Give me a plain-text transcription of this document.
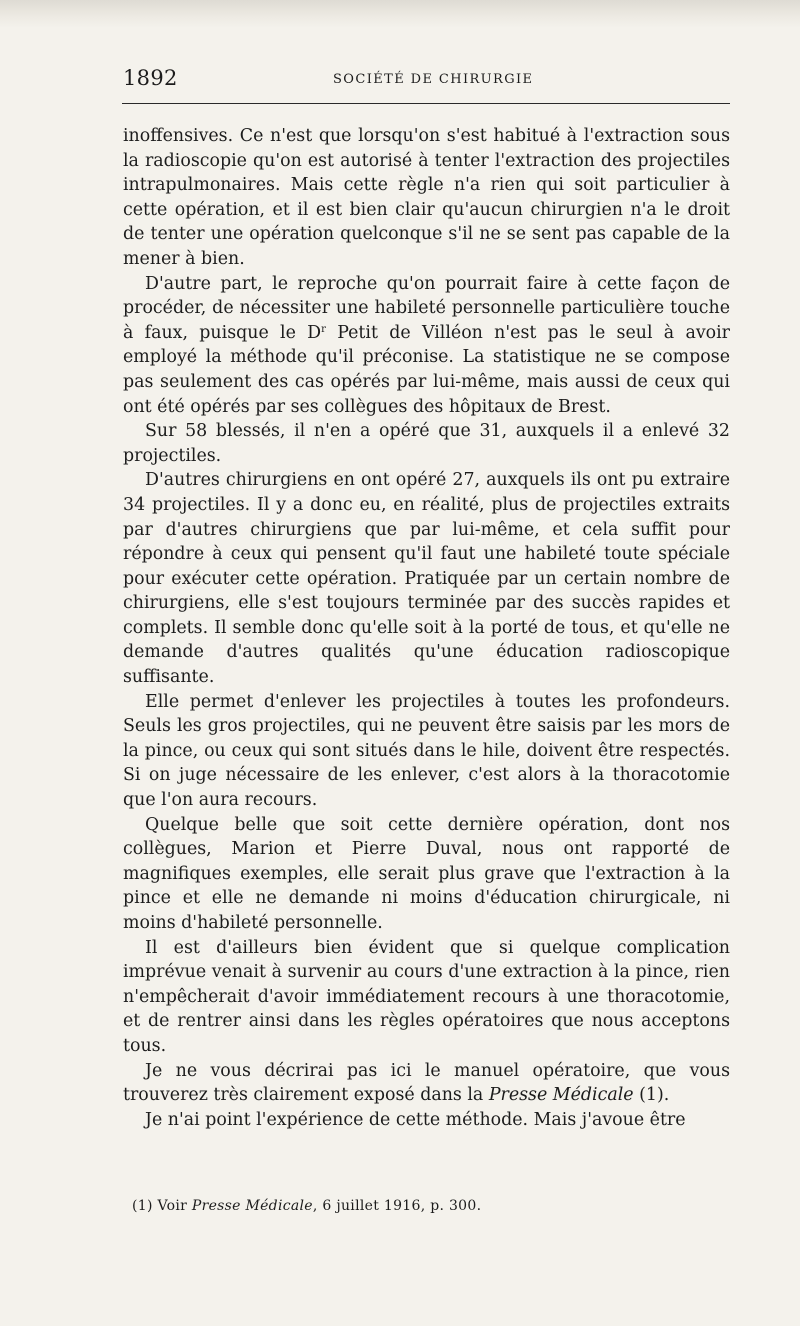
1892	SOCIÉTÉ DE CHIRURGIE

inoffensives. Ce n'est que lorsqu'on s'est habitué à l'extraction sous la radioscopie qu'on est autorisé à tenter l'extraction des projectiles intrapulmonaires. Mais cette règle n'a rien qui soit particulier à cette opération, et il est bien clair qu'aucun chirurgien n'a le droit de tenter une opération quelconque s'il ne se sent pas capable de la mener à bien.

D'autre part, le reproche qu'on pourrait faire à cette façon de procéder, de nécessiter une habileté personnelle particulière touche à faux, puisque le $D^r$ Petit de Villéon n'est pas le seul à avoir employé la méthode qu'il préconise. La statistique ne se compose pas seulement des cas opérés par lui-même, mais aussi de ceux qui ont été opérés par ses collègues des hôpitaux de Brest.

Sur 58 blessés, il n'en a opéré que 31, auxquels il a enlevé 32 projectiles.

D'autres chirurgiens en ont opéré 27, auxquels ils ont pu extraire 34 projectiles. Il y a donc eu, en réalité, plus de projectiles extraits par d'autres chirurgiens que par lui-même, et cela suffit pour répondre à ceux qui pensent qu'il faut une habileté toute spéciale pour exécuter cette opération. Pratiquée par un certain nombre de chirurgiens, elle s'est toujours terminée par des succès rapides et complets. Il semble donc qu'elle soit à la porté de tous, et qu'elle ne demande d'autres qualités qu'une éducation radioscopique suffisante.

Elle permet d'enlever les projectiles à toutes les profondeurs. Seuls les gros projectiles, qui ne peuvent être saisis par les mors de la pince, ou ceux qui sont situés dans le hile, doivent être respectés. Si on juge nécessaire de les enlever, c'est alors à la thoracotomie que l'on aura recours.

Quelque belle que soit cette dernière opération, dont nos collègues, Marion et Pierre Duval, nous ont rapporté de magnifiques exemples, elle serait plus grave que l'extraction à la pince et elle ne demande ni moins d'éducation chirurgicale, ni moins d'habileté personnelle.

Il est d'ailleurs bien évident que si quelque complication imprévue venait à survenir au cours d'une extraction à la pince, rien n'empêcherait d'avoir immédiatement recours à une thoracotomie, et de rentrer ainsi dans les règles opératoires que nous acceptons tous.

Je ne vous décrirai pas ici le manuel opératoire, que vous trouverez très clairement exposé dans la Presse Médicale (1).

Je n'ai point l'expérience de cette méthode. Mais j'avoue être

(1) Voir Presse Médicale, 6 juillet 1916, p. 300.
